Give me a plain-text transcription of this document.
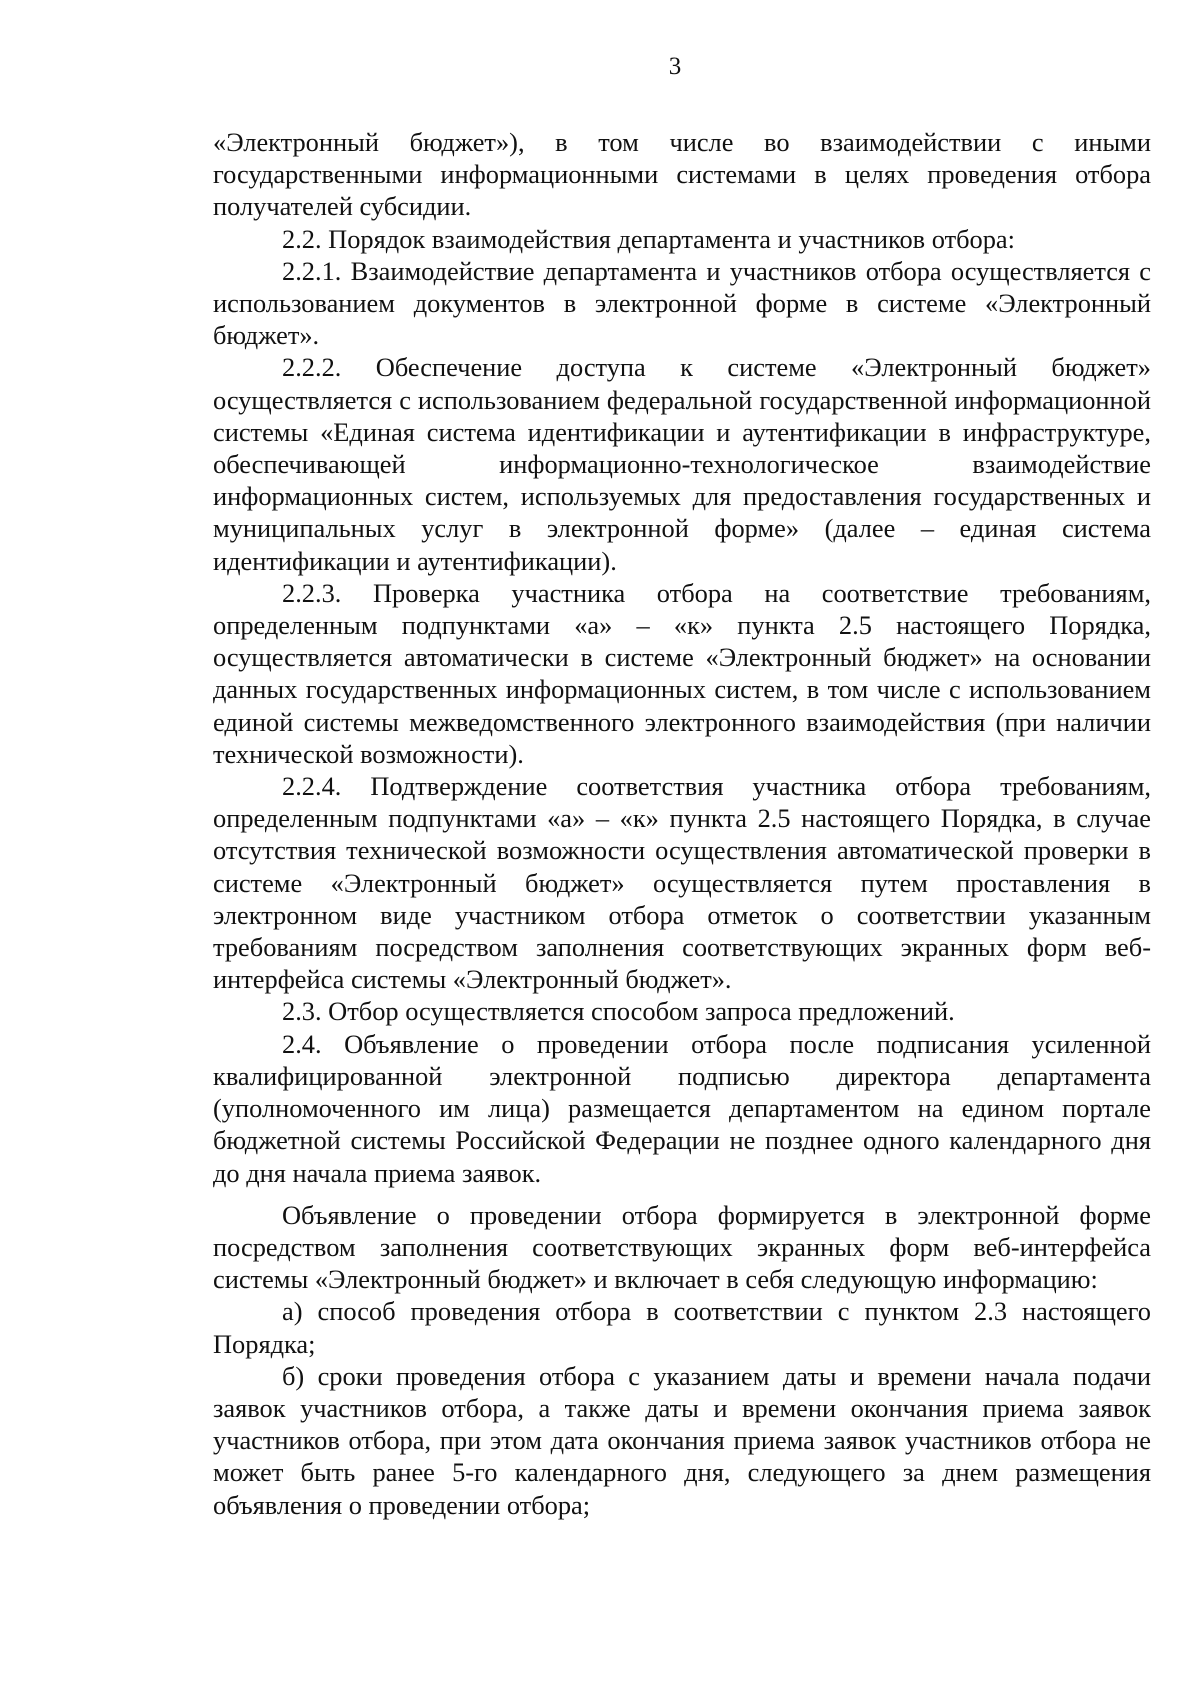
3

«Электронный бюджет»), в том числе во взаимодействии с иными государственными информационными системами в целях проведения отбора получателей субсидии.

2.2. Порядок взаимодействия департамента и участников отбора:

2.2.1. Взаимодействие департамента и участников отбора осуществляется с использованием документов в электронной форме в системе «Электронный бюджет».

2.2.2. Обеспечение доступа к системе «Электронный бюджет» осуществляется с использованием федеральной государственной информационной системы «Единая система идентификации и аутентификации в инфраструктуре, обеспечивающей информационно-технологическое взаимодействие информационных систем, используемых для предоставления государственных и муниципальных услуг в электронной форме» (далее – единая система идентификации и аутентификации).

2.2.3. Проверка участника отбора на соответствие требованиям, определенным подпунктами «а» – «к» пункта 2.5 настоящего Порядка, осуществляется автоматически в системе «Электронный бюджет» на основании данных государственных информационных систем, в том числе с использованием единой системы межведомственного электронного взаимодействия (при наличии технической возможности).

2.2.4. Подтверждение соответствия участника отбора требованиям, определенным подпунктами «а» – «к» пункта 2.5 настоящего Порядка, в случае отсутствия технической возможности осуществления автоматической проверки в системе «Электронный бюджет» осуществляется путем проставления в электронном виде участником отбора отметок о соответствии указанным требованиям посредством заполнения соответствующих экранных форм веб-интерфейса системы «Электронный бюджет».

2.3. Отбор осуществляется способом запроса предложений.

2.4. Объявление о проведении отбора после подписания усиленной квалифицированной электронной подписью директора департамента (уполномоченного им лица) размещается департаментом на едином портале бюджетной системы Российской Федерации не позднее одного календарного дня до дня начала приема заявок.

Объявление о проведении отбора формируется в электронной форме посредством заполнения соответствующих экранных форм веб-интерфейса системы «Электронный бюджет» и включает в себя следующую информацию:

а) способ проведения отбора в соответствии с пунктом 2.3 настоящего Порядка;

б) сроки проведения отбора с указанием даты и времени начала подачи заявок участников отбора, а также даты и времени окончания приема заявок участников отбора, при этом дата окончания приема заявок участников отбора не может быть ранее 5-го календарного дня, следующего за днем размещения объявления о проведении отбора;
